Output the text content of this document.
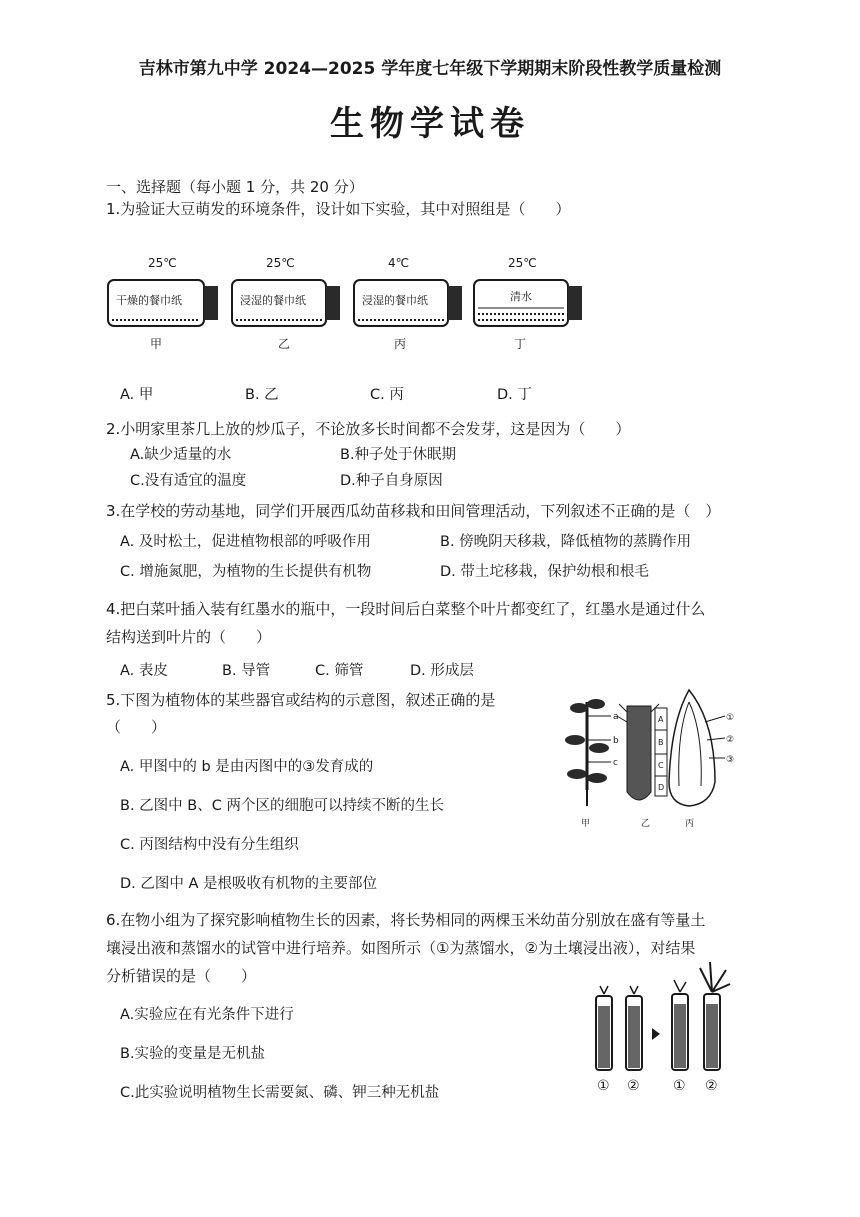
吉林市第九中学 2024—2025 学年度七年级下学期期末阶段性教学质量检测
生物学试卷
一、选择题（每小题 1 分，共 20 分）
1.为验证大豆萌发的环境条件，设计如下实验，其中对照组是（　　）
25℃
干燥的餐巾纸
甲
25℃
浸湿的餐巾纸
乙
4℃
浸湿的餐巾纸
丙
25℃
清水
丁
A. 甲	B. 乙	C. 丙	D. 丁
2.小明家里茶几上放的炒瓜子，不论放多长时间都不会发芽，这是因为（　　）
A.缺少适量的水	B.种子处于休眠期
C.没有适宜的温度	D.种子自身原因
3.在学校的劳动基地，同学们开展西瓜幼苗移栽和田间管理活动，下列叙述不正确的是（　）
A. 及时松土，促进植物根部的呼吸作用	B. 傍晚阴天移栽，降低植物的蒸腾作用
C. 增施氮肥，为植物的生长提供有机物	D. 带土坨移栽，保护幼根和根毛
4.把白菜叶插入装有红墨水的瓶中，一段时间后白菜整个叶片都变红了，红墨水是通过什么
结构送到叶片的（　　）
A. 表皮	B. 导管	C. 筛管	D. 形成层
5.下图为植物体的某些器官或结构的示意图，叙述正确的是
（　　）
A. 甲图中的 b 是由丙图中的③发育成的
B. 乙图中 B、C 两个区的细胞可以持续不断的生长
C. 丙图结构中没有分生组织
D. 乙图中 A 是根吸收有机物的主要部位
a
b
c
甲
A
B
C
D
乙
①
②
③
丙
6.在物小组为了探究影响植物生长的因素，将长势相同的两棵玉米幼苗分别放在盛有等量土
壤浸出液和蒸馏水的试管中进行培养。如图所示（①为蒸馏水，②为土壤浸出液），对结果
分析错误的是（　　）
A.实验应在有光条件下进行
B.实验的变量是无机盐
C.此实验说明植物生长需要氮、磷、钾三种无机盐	① ② ① ②
